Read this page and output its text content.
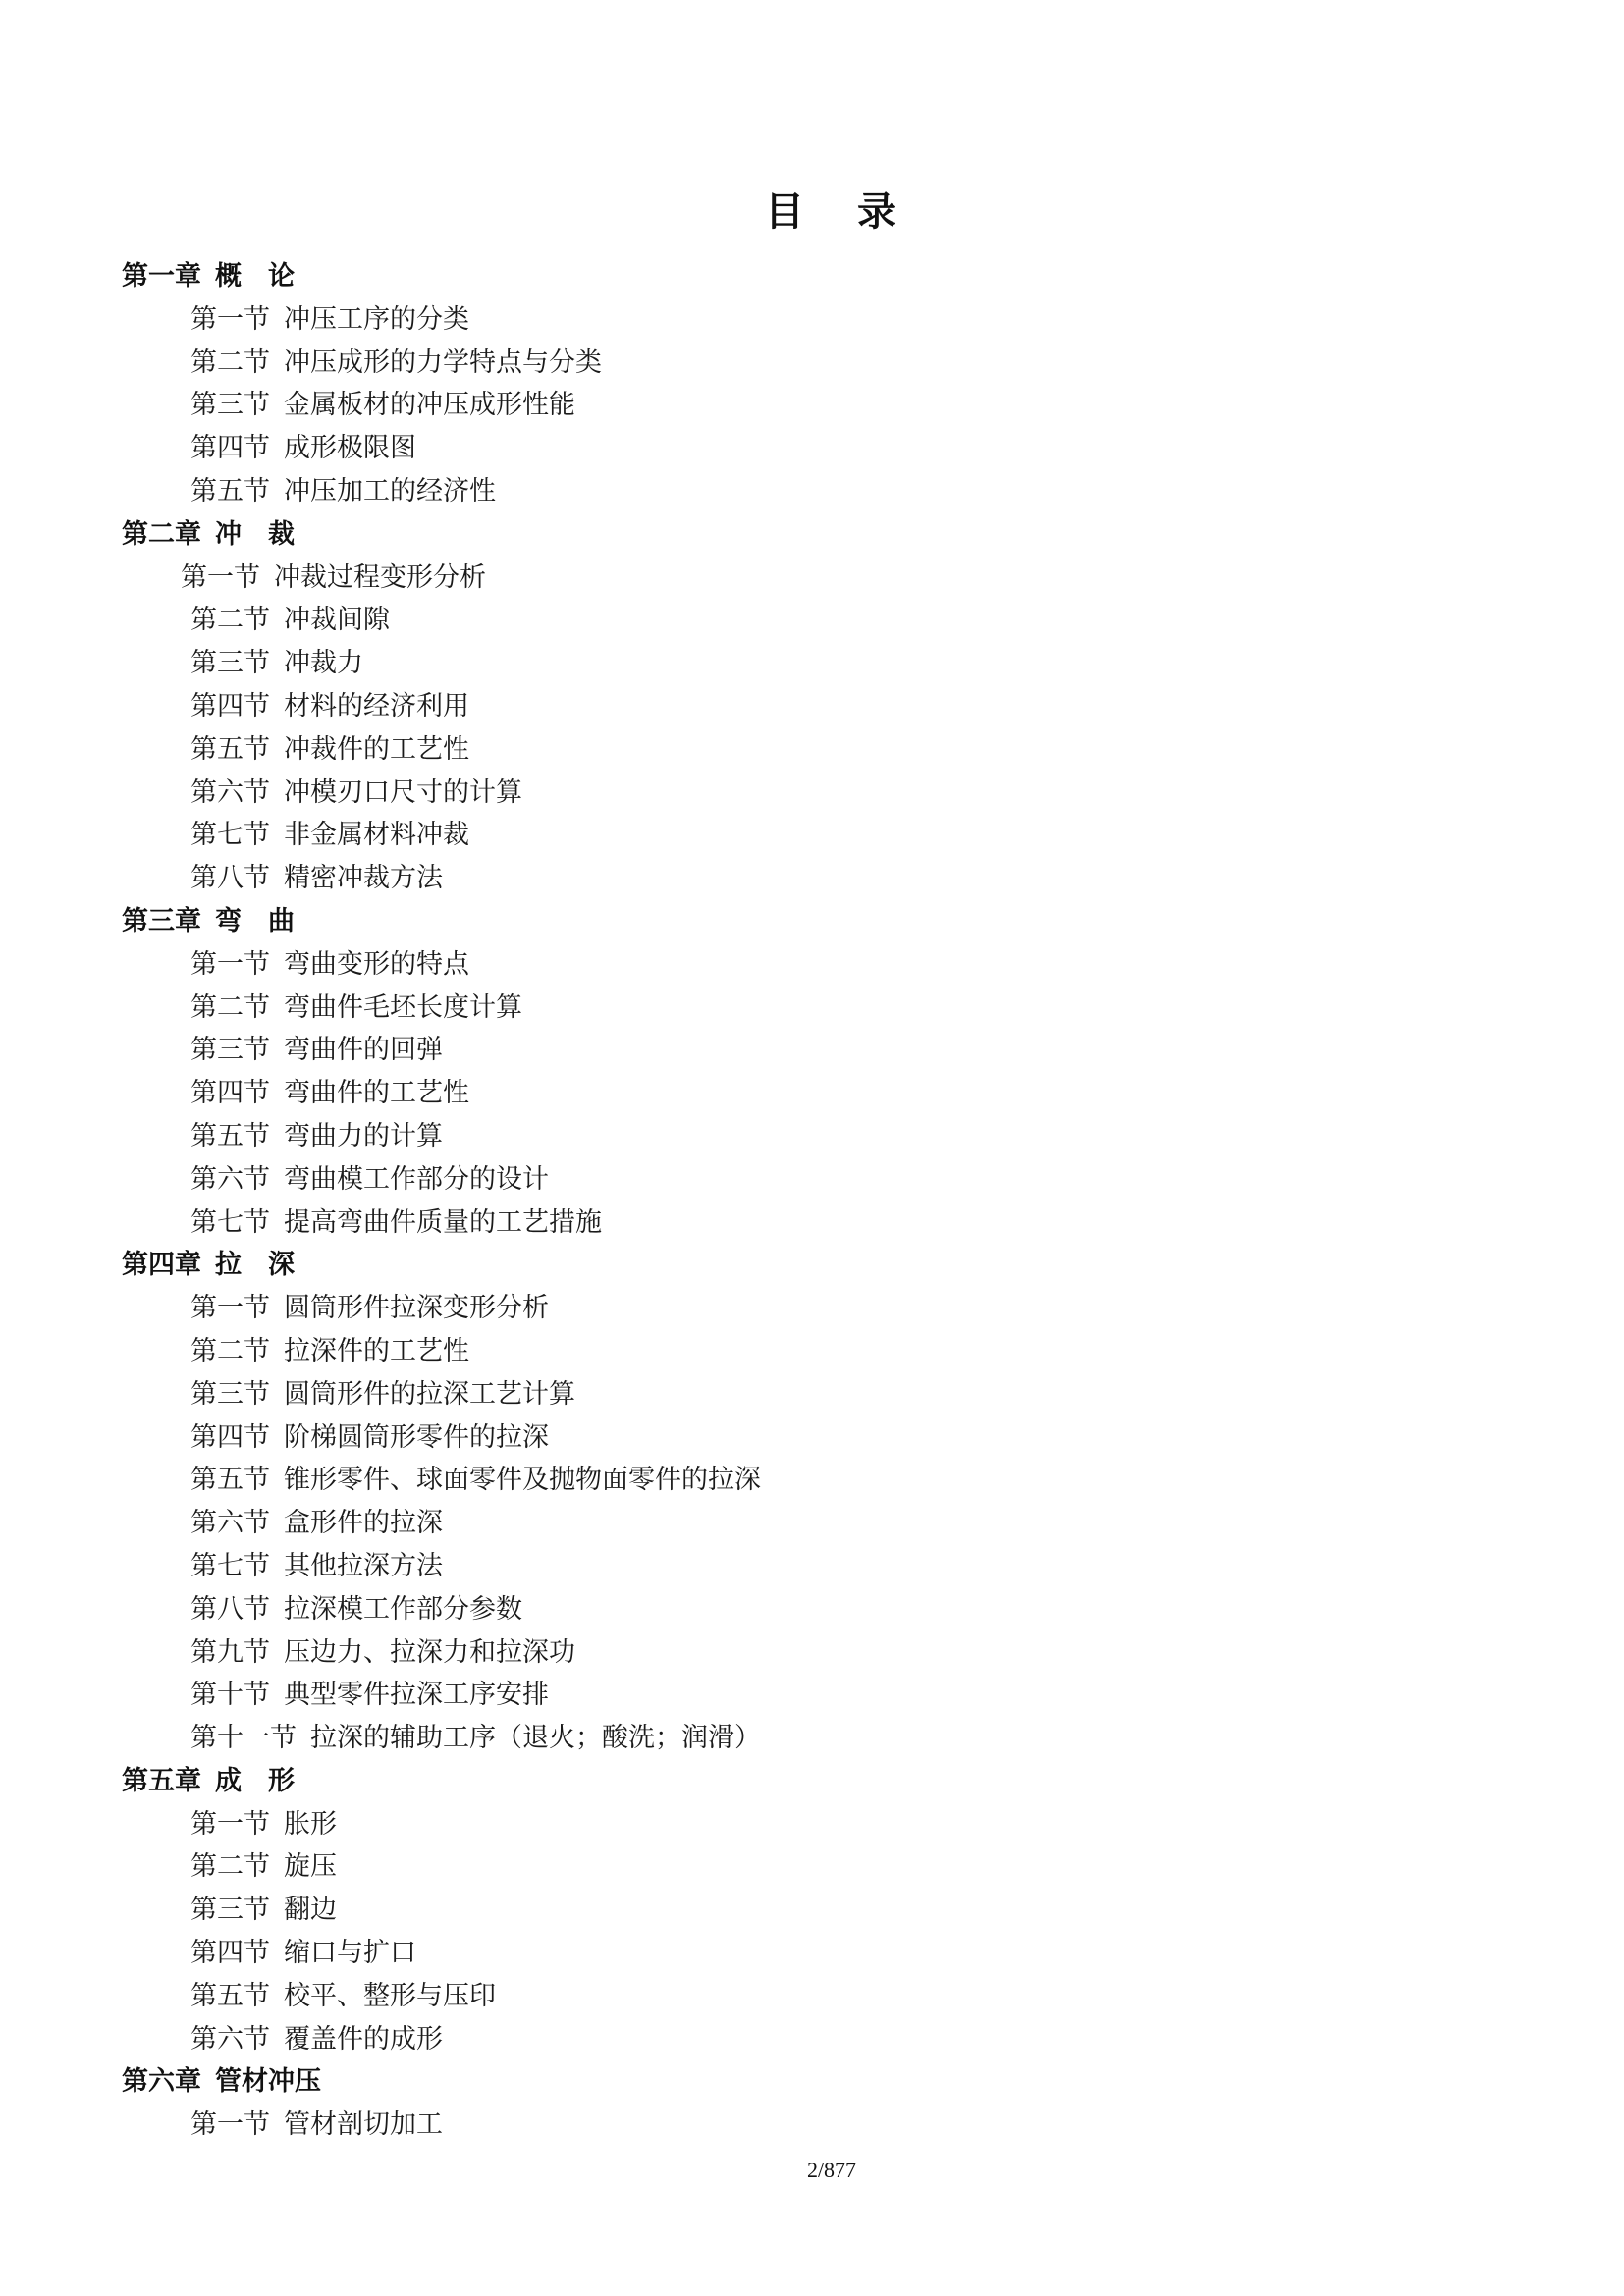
目 录
第一章 概　论
第一节 冲压工序的分类
第二节 冲压成形的力学特点与分类
第三节 金属板材的冲压成形性能
第四节 成形极限图
第五节 冲压加工的经济性
第二章 冲　裁
第一节 冲裁过程变形分析
第二节 冲裁间隙
第三节 冲裁力
第四节 材料的经济利用
第五节 冲裁件的工艺性
第六节 冲模刃口尺寸的计算
第七节 非金属材料冲裁
第八节 精密冲裁方法
第三章 弯　曲
第一节 弯曲变形的特点
第二节 弯曲件毛坯长度计算
第三节 弯曲件的回弹
第四节 弯曲件的工艺性
第五节 弯曲力的计算
第六节 弯曲模工作部分的设计
第七节 提高弯曲件质量的工艺措施
第四章 拉　深
第一节 圆筒形件拉深变形分析
第二节 拉深件的工艺性
第三节 圆筒形件的拉深工艺计算
第四节 阶梯圆筒形零件的拉深
第五节 锥形零件、球面零件及抛物面零件的拉深
第六节 盒形件的拉深
第七节 其他拉深方法
第八节 拉深模工作部分参数
第九节 压边力、拉深力和拉深功
第十节 典型零件拉深工序安排
第十一节 拉深的辅助工序（退火；酸洗；润滑）
第五章 成　形
第一节 胀形
第二节 旋压
第三节 翻边
第四节 缩口与扩口
第五节 校平、整形与压印
第六节 覆盖件的成形
第六章 管材冲压
第一节 管材剖切加工
2/877
